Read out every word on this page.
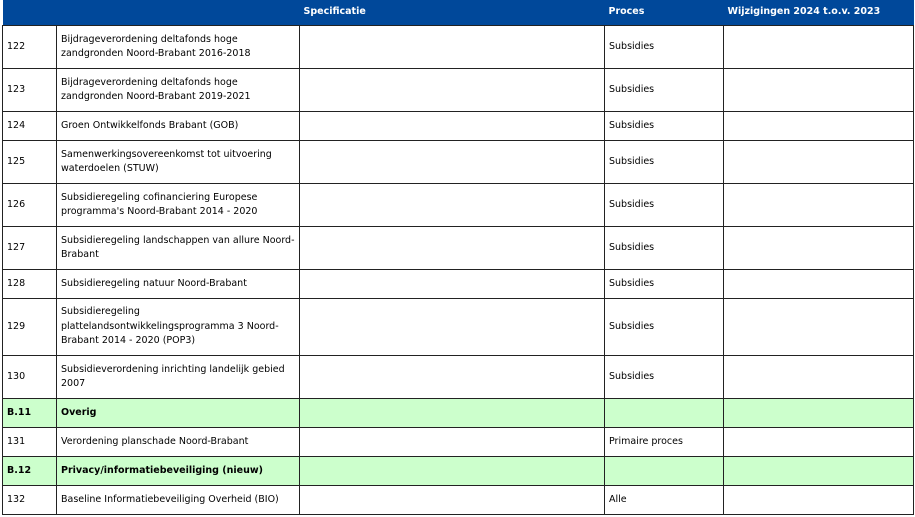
		Specificatie	Proces	Wijzigingen 2024 t.o.v. 2023
122	Bijdrageverordening deltafonds hoge zandgronden Noord-Brabant 2016-2018		Subsidies	
123	Bijdrageverordening deltafonds hoge zandgronden Noord-Brabant 2019-2021		Subsidies	
124	Groen Ontwikkelfonds Brabant (GOB)		Subsidies	
125	Samenwerkingsovereenkomst tot uitvoering waterdoelen (STUW)		Subsidies	
126	Subsidieregeling cofinanciering Europese programma's Noord-Brabant 2014 - 2020		Subsidies	
127	Subsidieregeling landschappen van allure Noord-Brabant		Subsidies	
128	Subsidieregeling natuur Noord-Brabant		Subsidies	
129	Subsidieregeling plattelandsontwikkelingsprogramma 3 Noord-Brabant 2014 - 2020 (POP3)		Subsidies	
130	Subsidieverordening inrichting landelijk gebied 2007		Subsidies	
B.11	Overig			
131	Verordening planschade Noord-Brabant		Primaire proces	
B.12	Privacy/informatiebeveiliging (nieuw)			
132	Baseline Informatiebeveiliging Overheid (BIO)		Alle	
